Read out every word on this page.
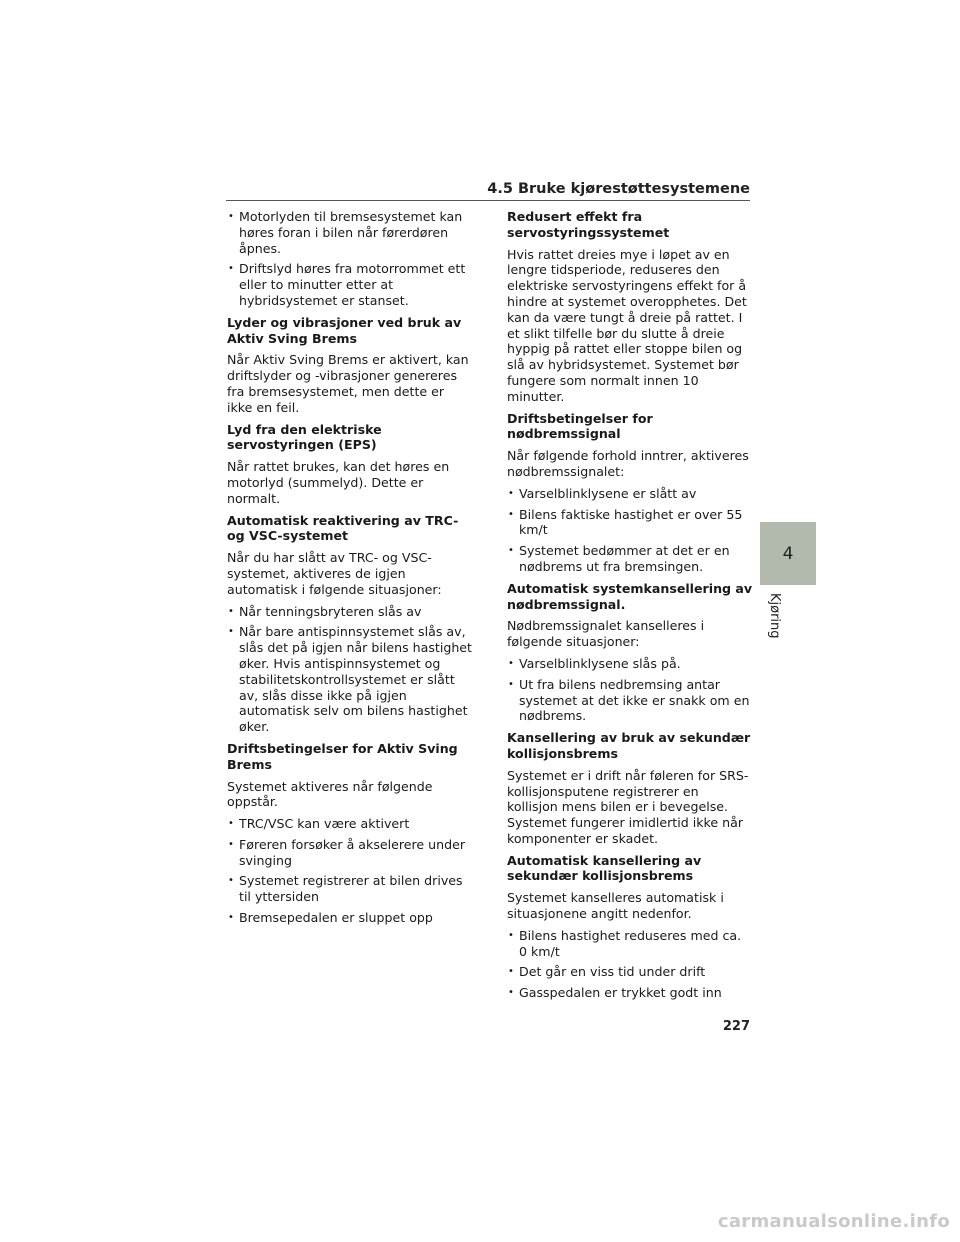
4.5 Bruke kjørestøttesystemene
• Motorlyden til bremsesystemet kan høres foran i bilen når førerdøren åpnes.
• Driftslyd høres fra motorrommet ett eller to minutter etter at hybridsystemet er stanset.
Lyder og vibrasjoner ved bruk av Aktiv Sving Brems

Når Aktiv Sving Brems er aktivert, kan driftslyder og -vibrasjoner genereres fra bremsesystemet, men dette er ikke en feil.

Lyd fra den elektriske servostyringen (EPS)

Når rattet brukes, kan det høres en motorlyd (summelyd). Dette er normalt.

Automatisk reaktivering av TRC- og VSC-systemet

Når du har slått av TRC- og VSC-systemet, aktiveres de igjen automatisk i følgende situasjoner:

• Når tenningsbryteren slås av
• Når bare antispinnsystemet slås av, slås det på igjen når bilens hastighet øker. Hvis antispinnsystemet og stabilitetskontrollsystemet er slått av, slås disse ikke på igjen automatisk selv om bilens hastighet øker.
Driftsbetingelser for Aktiv Sving Brems

Systemet aktiveres når følgende oppstår.

• TRC/VSC kan være aktivert
• Føreren forsøker å akselerere under svinging
• Systemet registrerer at bilen drives til yttersiden
• Bremsepedalen er sluppet opp
Redusert effekt fra servostyringssystemet

Hvis rattet dreies mye i løpet av en lengre tidsperiode, reduseres den elektriske servostyringens effekt for å hindre at systemet overopphetes. Det kan da være tungt å dreie på rattet. I et slikt tilfelle bør du slutte å dreie hyppig på rattet eller stoppe bilen og slå av hybridsystemet. Systemet bør fungere som normalt innen 10 minutter.

Driftsbetingelser for nødbremssignal

Når følgende forhold inntrer, aktiveres nødbremssignalet:

• Varselblinklysene er slått av
• Bilens faktiske hastighet er over 55 km/t
• Systemet bedømmer at det er en nødbrems ut fra bremsingen.
Automatisk systemkansellering av nødbremssignal.

Nødbremssignalet kanselleres i følgende situasjoner:

• Varselblinklysene slås på.
• Ut fra bilens nedbremsing antar systemet at det ikke er snakk om en nødbrems.
Kansellering av bruk av sekundær kollisjonsbrems

Systemet er i drift når føleren for SRS-kollisjonsputene registrerer en kollisjon mens bilen er i bevegelse. Systemet fungerer imidlertid ikke når komponenter er skadet.

Automatisk kansellering av sekundær kollisjonsbrems

Systemet kanselleres automatisk i situasjonene angitt nedenfor.

• Bilens hastighet reduseres med ca. 0 km/t
• Det går en viss tid under drift
• Gasspedalen er trykket godt inn
4
Kjøring
227
carmanualsonline.info
